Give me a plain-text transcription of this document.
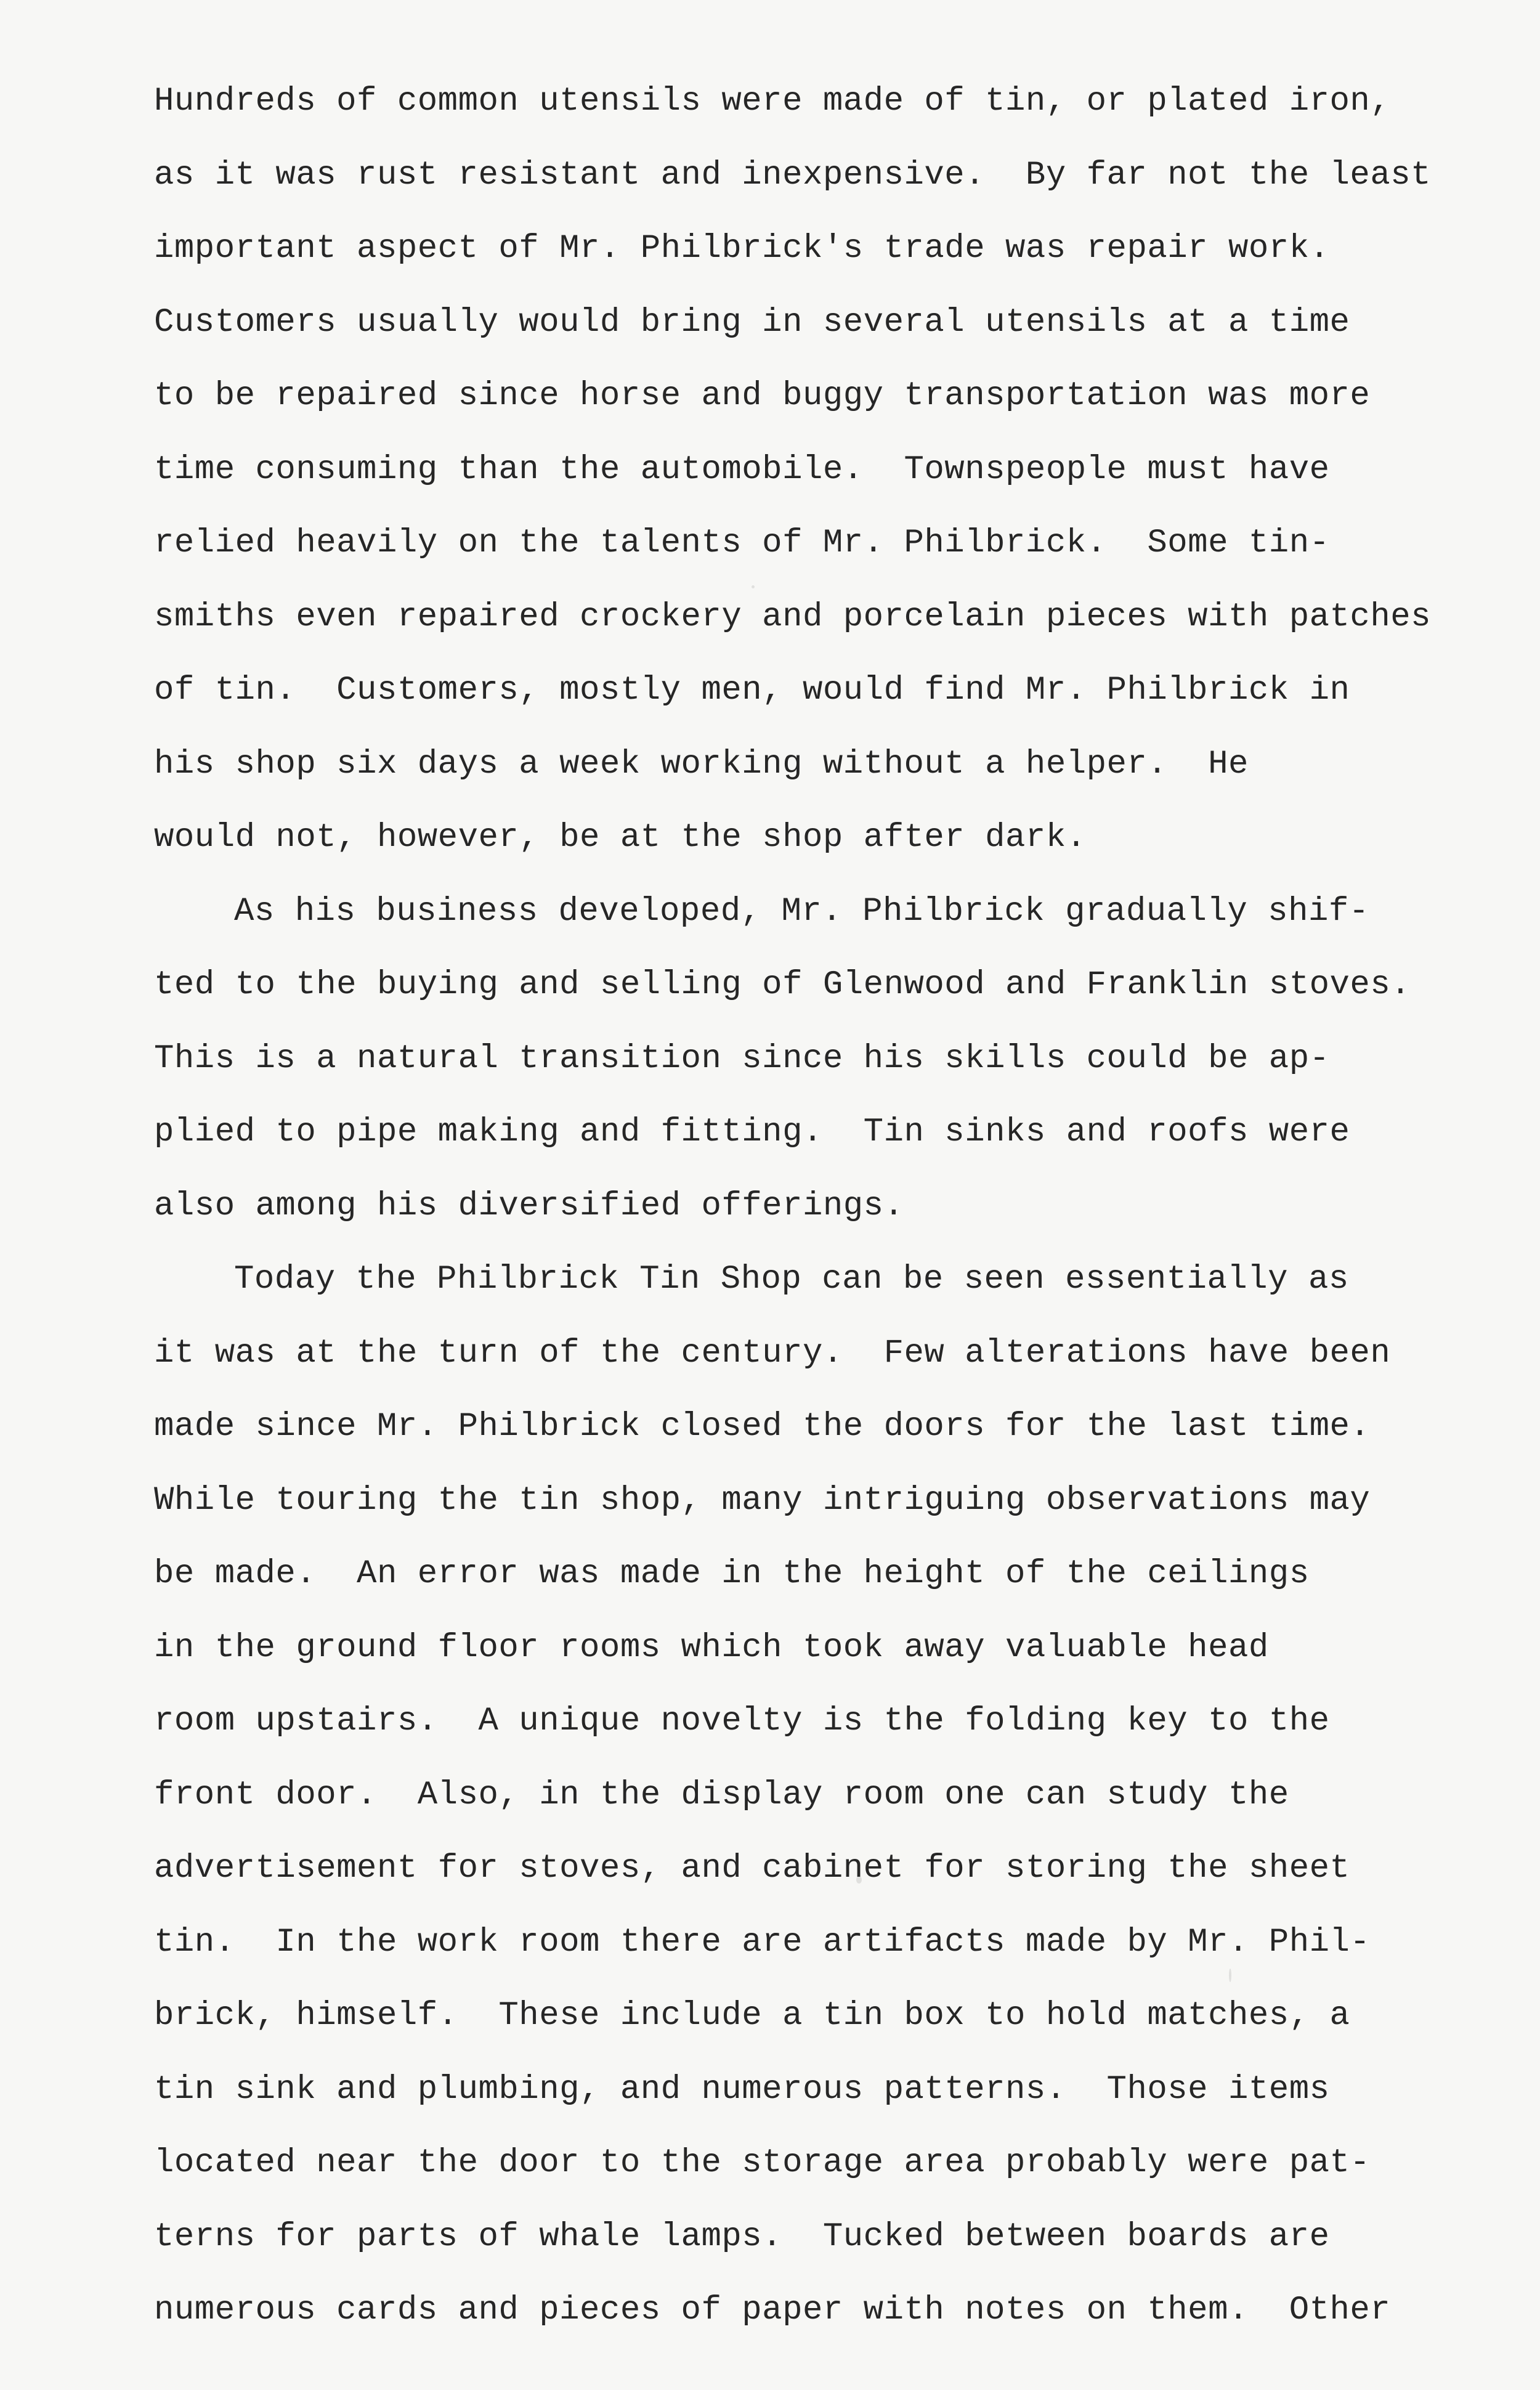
Hundreds of common utensils were made of tin, or plated iron,
as it was rust resistant and inexpensive.  By far not the least
important aspect of Mr. Philbrick's trade was repair work.
Customers usually would bring in several utensils at a time
to be repaired since horse and buggy transportation was more
time consuming than the automobile.  Townspeople must have
relied heavily on the talents of Mr. Philbrick.  Some tin-
smiths even repaired crockery and porcelain pieces with patches
of tin.  Customers, mostly men, would find Mr. Philbrick in
his shop six days a week working without a helper.  He
would not, however, be at the shop after dark.
As his business developed, Mr. Philbrick gradually shif-
ted to the buying and selling of Glenwood and Franklin stoves.
This is a natural transition since his skills could be ap-
plied to pipe making and fitting.  Tin sinks and roofs were
also among his diversified offerings.
Today the Philbrick Tin Shop can be seen essentially as
it was at the turn of the century.  Few alterations have been
made since Mr. Philbrick closed the doors for the last time.
While touring the tin shop, many intriguing observations may
be made.  An error was made in the height of the ceilings
in the ground floor rooms which took away valuable head
room upstairs.  A unique novelty is the folding key to the
front door.  Also, in the display room one can study the
advertisement for stoves, and cabinet for storing the sheet
tin.  In the work room there are artifacts made by Mr. Phil-
brick, himself.  These include a tin box to hold matches, a
tin sink and plumbing, and numerous patterns.  Those items
located near the door to the storage area probably were pat-
terns for parts of whale lamps.  Tucked between boards are
numerous cards and pieces of paper with notes on them.  Other
